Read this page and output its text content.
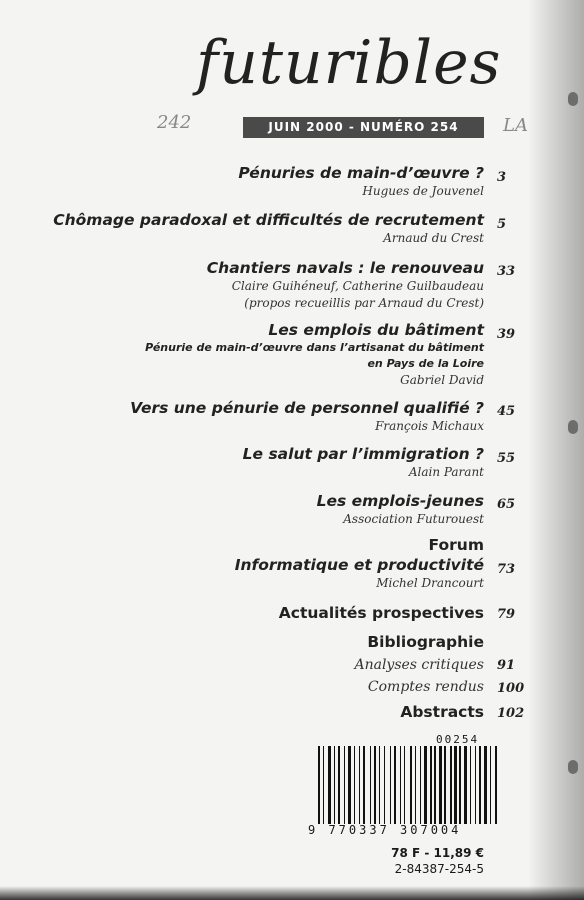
futuribles
242	LA
JUIN 2000 - NUMÉRO 254
Pénuries de main-d’œuvre ?
Hugues de Jouvenel
3
Chômage paradoxal et difficultés de recrutement
Arnaud du Crest
5
Chantiers navals : le renouveau
Claire Guihéneuf, Catherine Guilbaudeau
(propos recueillis par Arnaud du Crest)
33
Les emplois du bâtiment
Pénurie de main-d’œuvre dans l’artisanat du bâtiment
en Pays de la Loire
Gabriel David
39
Vers une pénurie de personnel qualifié ?
François Michaux
45
Le salut par l’immigration ?
Alain Parant
55
Les emplois-jeunes
Association Futurouest
65
Forum
Informatique et productivité
Michel Drancourt
73
Actualités prospectives 79
Bibliographie
Analyses critiques
Comptes rendus
91
100
Abstracts 102
00254
9 770337 307004
78 F - 11,89 €
2-84387-254-5
